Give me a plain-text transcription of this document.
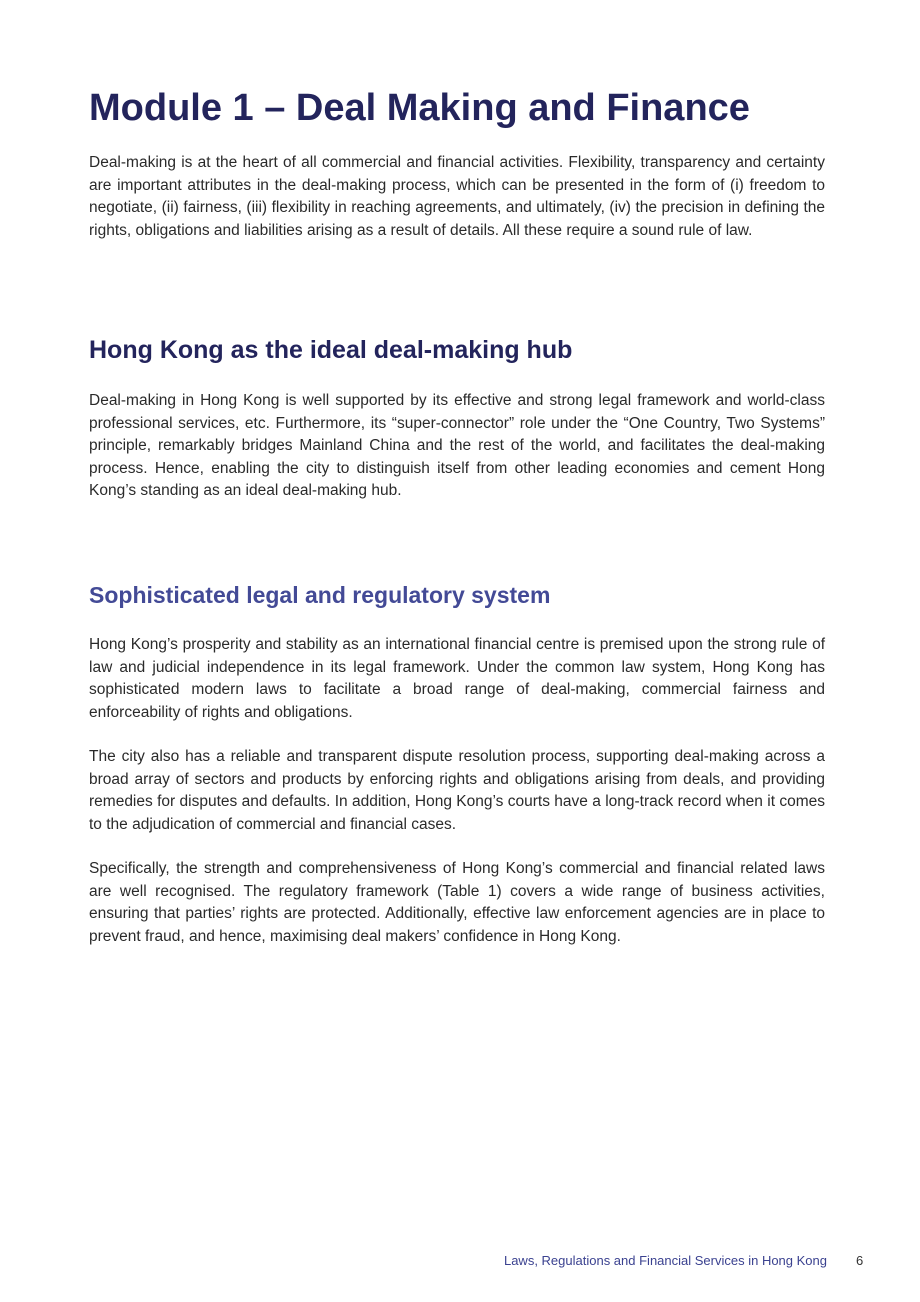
Module 1 – Deal Making and Finance

Deal-making is at the heart of all commercial and financial activities. Flexibility, transparency and certainty are important attributes in the deal-making process, which can be presented in the form of (i) freedom to negotiate, (ii) fairness, (iii) flexibility in reaching agreements, and ultimately, (iv) the precision in defining the rights, obligations and liabilities arising as a result of details. All these require a sound rule of law.

Hong Kong as the ideal deal-making hub

Deal-making in Hong Kong is well supported by its effective and strong legal framework and world-class professional services, etc. Furthermore, its “super-connector” role under the “One Country, Two Systems” principle, remarkably bridges Mainland China and the rest of the world, and facilitates the deal-making process. Hence, enabling the city to distinguish itself from other leading economies and cement Hong Kong’s standing as an ideal deal-making hub.

Sophisticated legal and regulatory system

Hong Kong’s prosperity and stability as an international financial centre is premised upon the strong rule of law and judicial independence in its legal framework. Under the common law system, Hong Kong has sophisticated modern laws to facilitate a broad range of deal-making, commercial fairness and enforceability of rights and obligations.

The city also has a reliable and transparent dispute resolution process, supporting deal-making across a broad array of sectors and products by enforcing rights and obligations arising from deals, and providing remedies for disputes and defaults. In addition, Hong Kong’s courts have a long-track record when it comes to the adjudication of commercial and financial cases.

Specifically, the strength and comprehensiveness of Hong Kong’s commercial and financial related laws are well recognised. The regulatory framework (Table 1) covers a wide range of business activities, ensuring that parties’ rights are protected. Additionally, effective law enforcement agencies are in place to prevent fraud, and hence, maximising deal makers’ confidence in Hong Kong.

Laws, Regulations and Financial Services in Hong Kong 6
